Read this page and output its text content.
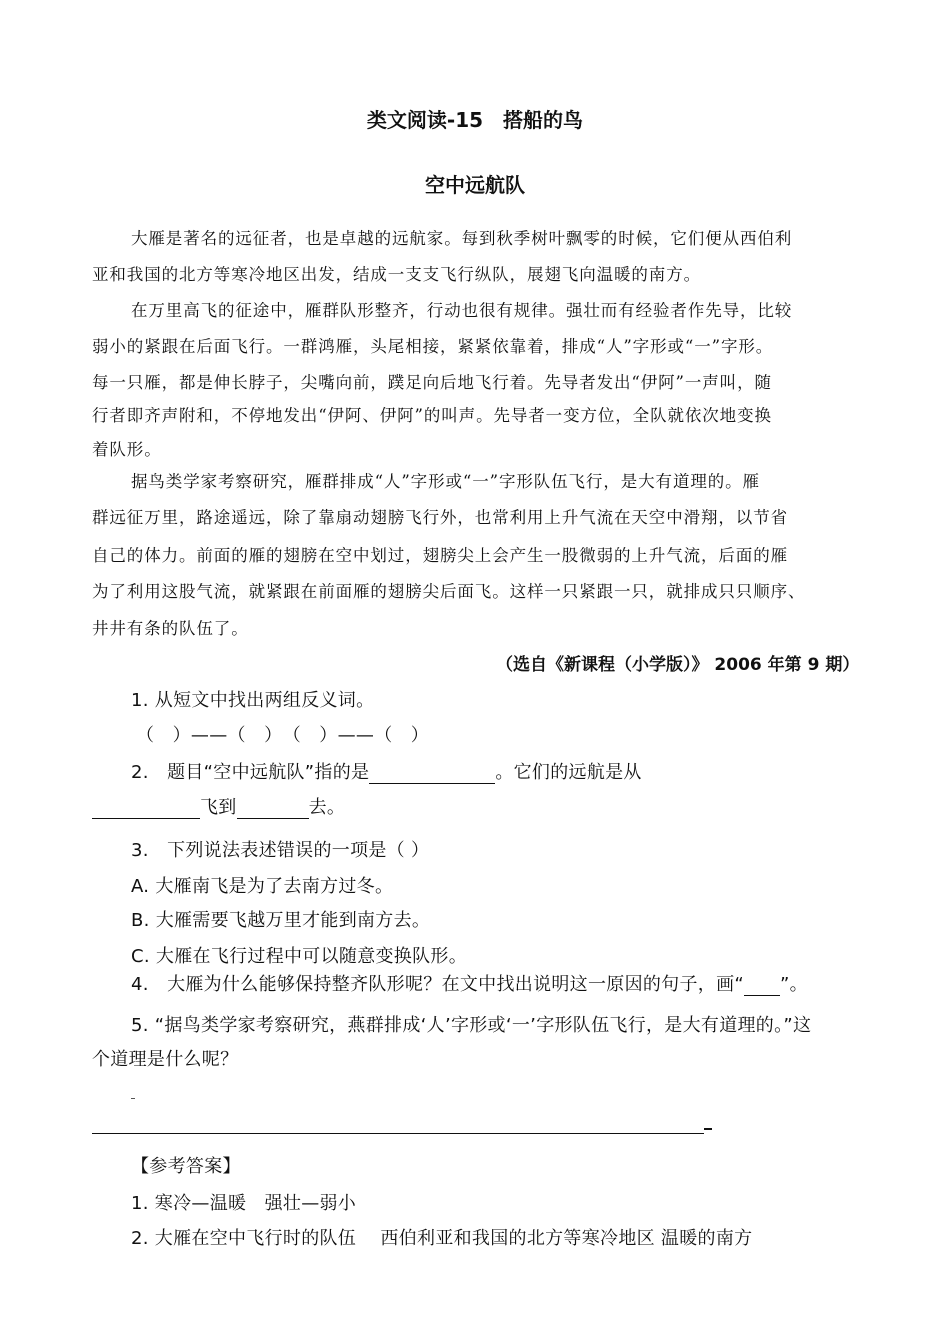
类文阅读-15　搭船的鸟
空中远航队
大雁是著名的远征者，也是卓越的远航家。每到秋季树叶飘零的时候，它们便从西伯利
亚和我国的北方等寒冷地区出发，结成一支支飞行纵队，展翅飞向温暖的南方。
在万里高飞的征途中，雁群队形整齐，行动也很有规律。强壮而有经验者作先导，比较
弱小的紧跟在后面飞行。一群鸿雁，头尾相接，紧紧依靠着，排成“人”字形或“一”字形。
每一只雁，都是伸长脖子，尖嘴向前，蹼足向后地飞行着。先导者发出“伊阿”一声叫，随
行者即齐声附和，不停地发出“伊阿、伊阿”的叫声。先导者一变方位，全队就依次地变换
着队形。
据鸟类学家考察研究，雁群排成“人”字形或“一”字形队伍飞行，是大有道理的。雁
群远征万里，路途遥远，除了靠扇动翅膀飞行外，也常利用上升气流在天空中滑翔，以节省
自己的体力。前面的雁的翅膀在空中划过，翅膀尖上会产生一股微弱的上升气流，后面的雁
为了利用这股气流，就紧跟在前面雁的翅膀尖后面飞。这样一只紧跟一只，就排成只只顺序、
井井有条的队伍了。
（选自《新课程（小学版）》 2006 年第 9 期）
1. 从短文中找出两组反义词。
（　）——（　）　（　）——（　）
2.　题目“空中远航队”指的是	。它们的远航是从
飞到	去。
3.　下列说法表述错误的一项是（ ）
A. 大雁南飞是为了去南方过冬。
B. 大雁需要飞越万里才能到南方去。
C. 大雁在飞行过程中可以随意变换队形。
4.　大雁为什么能够保持整齐队形呢？在文中找出说明这一原因的句子，画“ ”。
5. “据鸟类学家考察研究，燕群排成‘人’字形或‘一’字形队伍飞行，是大有道理的。”这
个道理是什么呢？
【参考答案】
1. 寒冷—温暖　强壮—弱小
2. 大雁在空中飞行时的队伍　 西伯利亚和我国的北方等寒冷地区 温暖的南方
